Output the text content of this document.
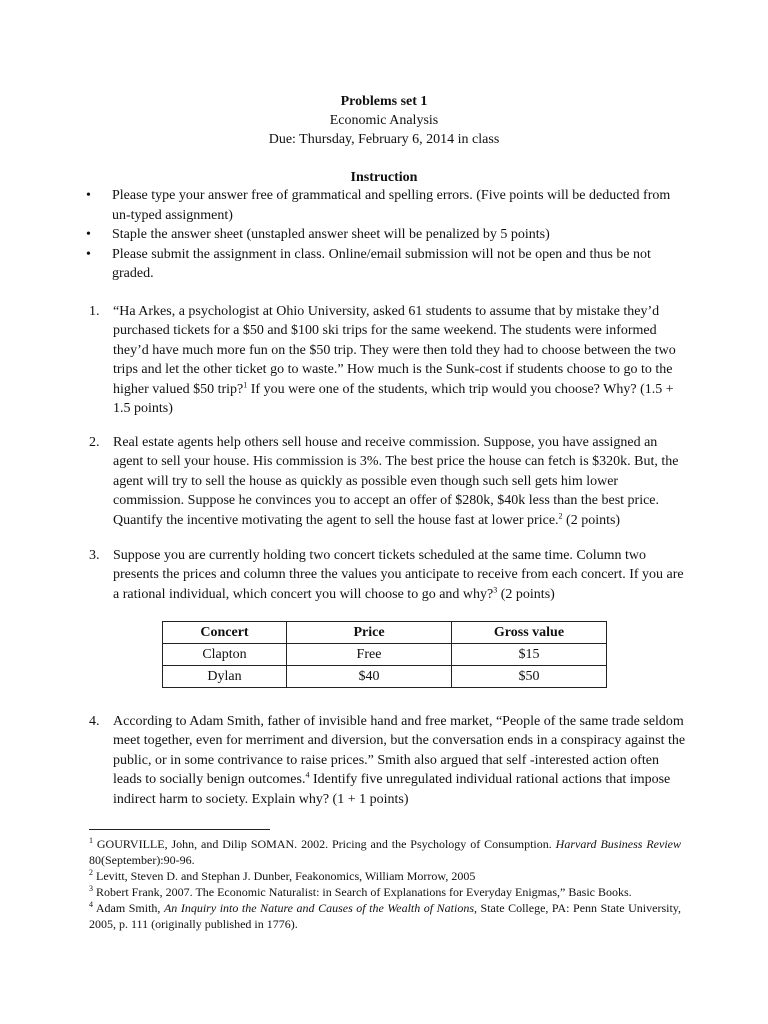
Problems set 1
Economic Analysis
Due: Thursday, February 6, 2014 in class
Instruction
• Please type your answer free of grammatical and spelling errors. (Five points will be deducted from un-typed assignment)
• Staple the answer sheet (unstapled answer sheet will be penalized by 5 points)
• Please submit the assignment in class. Online/email submission will not be open and thus be not graded.
1. “Ha Arkes, a psychologist at Ohio University, asked 61 students to assume that by mistake they’d purchased tickets for a $50 and $100 ski trips for the same weekend. The students were informed they’d have much more fun on the $50 trip. They were then told they had to choose between the two trips and let the other ticket go to waste.” How much is the Sunk-cost if students choose to go to the higher valued $50 trip?$^1$ If you were one of the students, which trip would you choose? Why? (1.5 + 1.5 points)
2. Real estate agents help others sell house and receive commission. Suppose, you have assigned an agent to sell your house. His commission is 3%. The best price the house can fetch is $320k. But, the agent will try to sell the house as quickly as possible even though such sell gets him lower commission. Suppose he convinces you to accept an offer of $280k, $40k less than the best price. Quantify the incentive motivating the agent to sell the house fast at lower price.$^2$ (2 points)
3. Suppose you are currently holding two concert tickets scheduled at the same time. Column two presents the prices and column three the values you anticipate to receive from each concert. If you are a rational individual, which concert you will choose to go and why?$^3$ (2 points)
Concert	Price	Gross value
Clapton	Free	$15
Dylan	$40	$50
4. According to Adam Smith, father of invisible hand and free market, “People of the same trade seldom meet together, even for merriment and diversion, but the conversation ends in a conspiracy against the public, or in some contrivance to raise prices.” Smith also argued that self -interested action often leads to socially benign outcomes.$^4$ Identify five unregulated individual rational actions that impose indirect harm to society. Explain why? (1 + 1 points)
$^1$ GOURVILLE, John, and Dilip SOMAN. 2002. Pricing and the Psychology of Consumption. Harvard Business Review 80(September):90-96.
$^2$ Levitt, Steven D. and Stephan J. Dunber, Feakonomics, William Morrow, 2005
$^3$ Robert Frank, 2007. The Economic Naturalist: in Search of Explanations for Everyday Enigmas,” Basic Books.
$^4$ Adam Smith, An Inquiry into the Nature and Causes of the Wealth of Nations, State College, PA: Penn State University, 2005, p. 111 (originally published in 1776).
